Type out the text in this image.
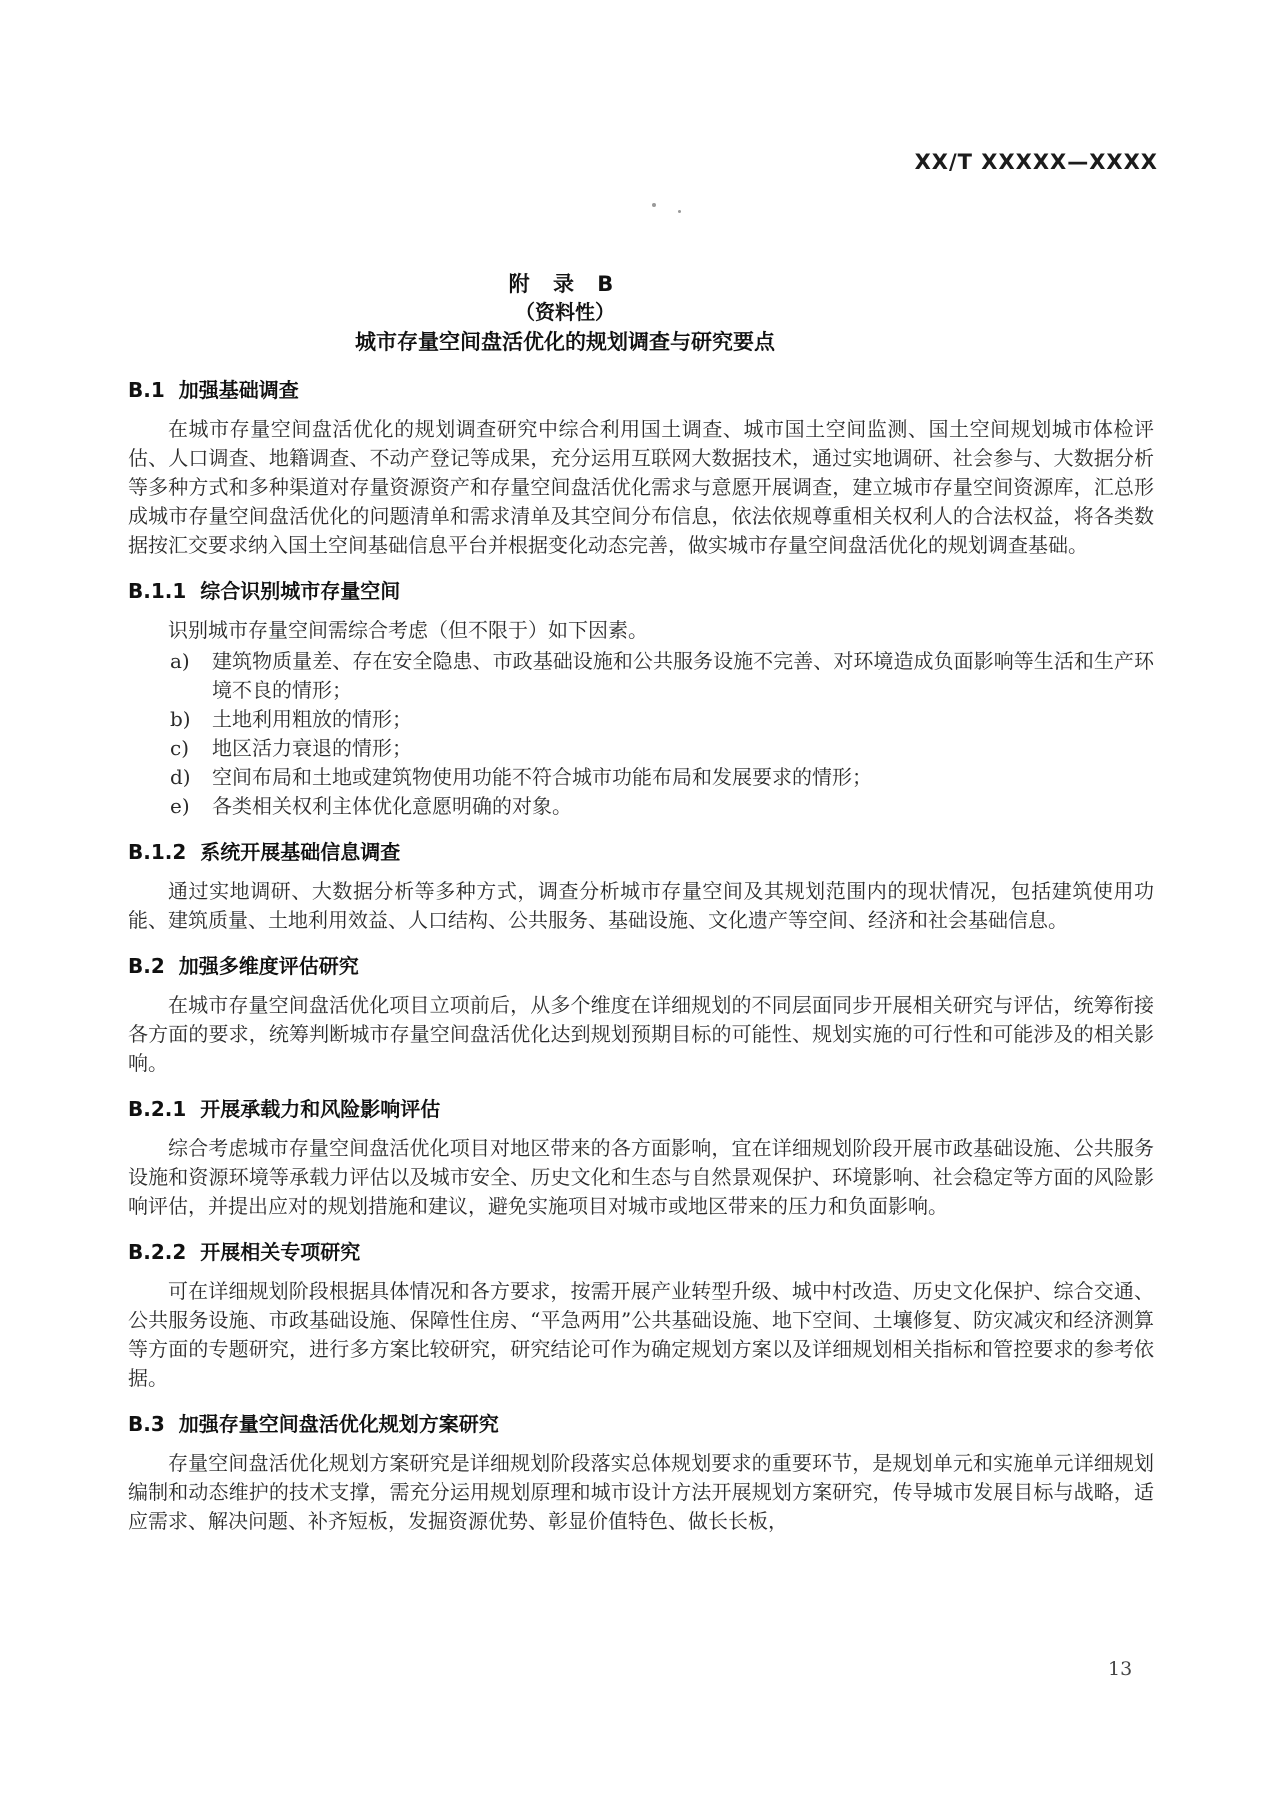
XX/T XXXXX—XXXX
附 录 B
（资料性）
城市存量空间盘活优化的规划调查与研究要点
B.1 加强基础调查

在城市存量空间盘活优化的规划调查研究中综合利用国土调查、城市国土空间监测、国土空间规划城市体检评估、人口调查、地籍调查、不动产登记等成果，充分运用互联网大数据技术，通过实地调研、社会参与、大数据分析等多种方式和多种渠道对存量资源资产和存量空间盘活优化需求与意愿开展调查，建立城市存量空间资源库，汇总形成城市存量空间盘活优化的问题清单和需求清单及其空间分布信息，依法依规尊重相关权利人的合法权益，将各类数据按汇交要求纳入国土空间基础信息平台并根据变化动态完善，做实城市存量空间盘活优化的规划调查基础。

B.1.1 综合识别城市存量空间

识别城市存量空间需综合考虑（但不限于）如下因素。

a)	建筑物质量差、存在安全隐患、市政基础设施和公共服务设施不完善、对环境造成负面影响等生活和生产环境不良的情形；
b)	土地利用粗放的情形；
c)	地区活力衰退的情形；
d)	空间布局和土地或建筑物使用功能不符合城市功能布局和发展要求的情形；
e)	各类相关权利主体优化意愿明确的对象。
B.1.2 系统开展基础信息调查

通过实地调研、大数据分析等多种方式，调查分析城市存量空间及其规划范围内的现状情况，包括建筑使用功能、建筑质量、土地利用效益、人口结构、公共服务、基础设施、文化遗产等空间、经济和社会基础信息。

B.2 加强多维度评估研究

在城市存量空间盘活优化项目立项前后，从多个维度在详细规划的不同层面同步开展相关研究与评估，统筹衔接各方面的要求，统筹判断城市存量空间盘活优化达到规划预期目标的可能性、规划实施的可行性和可能涉及的相关影响。

B.2.1 开展承载力和风险影响评估

综合考虑城市存量空间盘活优化项目对地区带来的各方面影响，宜在详细规划阶段开展市政基础设施、公共服务设施和资源环境等承载力评估以及城市安全、历史文化和生态与自然景观保护、环境影响、社会稳定等方面的风险影响评估，并提出应对的规划措施和建议，避免实施项目对城市或地区带来的压力和负面影响。

B.2.2 开展相关专项研究

可在详细规划阶段根据具体情况和各方要求，按需开展产业转型升级、城中村改造、历史文化保护、综合交通、公共服务设施、市政基础设施、保障性住房、“平急两用”公共基础设施、地下空间、土壤修复、防灾减灾和经济测算等方面的专题研究，进行多方案比较研究，研究结论可作为确定规划方案以及详细规划相关指标和管控要求的参考依据。

B.3 加强存量空间盘活优化规划方案研究

存量空间盘活优化规划方案研究是详细规划阶段落实总体规划要求的重要环节，是规划单元和实施单元详细规划编制和动态维护的技术支撑，需充分运用规划原理和城市设计方法开展规划方案研究，传导城市发展目标与战略，适应需求、解决问题、补齐短板，发掘资源优势、彰显价值特色、做长长板，

13
